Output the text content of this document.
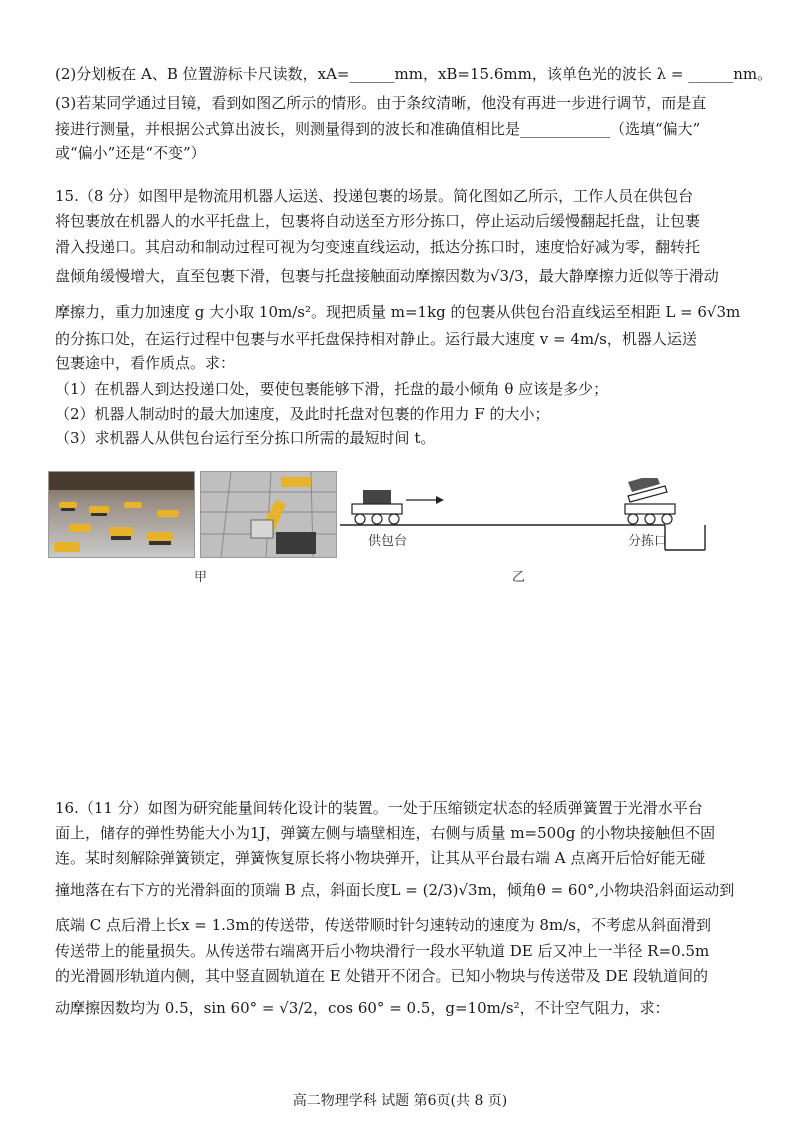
(2)分划板在 A、B 位置游标卡尺读数，xA=______mm，xB=15.6mm，该单色光的波长 λ = ______nm。
(3)若某同学通过目镜，看到如图乙所示的情形。由于条纹清晰，他没有再进一步进行调节，而是直
接进行测量，并根据公式算出波长，则测量得到的波长和准确值相比是____________（选填“偏大”
或“偏小”还是“不变”）
15.（8 分）如图甲是物流用机器人运送、投递包裹的场景。简化图如乙所示，工作人员在供包台
将包裹放在机器人的水平托盘上，包裹将自动送至方形分拣口，停止运动后缓慢翻起托盘，让包裹
滑入投递口。其启动和制动过程可视为匀变速直线运动，抵达分拣口时，速度恰好减为零，翻转托
盘倾角缓慢增大，直至包裹下滑，包裹与托盘接触面动摩擦因数为√3/3，最大静摩擦力近似等于滑动
摩擦力，重力加速度 g 大小取 10m/s²。现把质量 m=1kg 的包裹从供包台沿直线运至相距 L = 6√3m
的分拣口处，在运行过程中包裹与水平托盘保持相对静止。运行最大速度 v = 4m/s，机器人运送
包裹途中，看作质点。求：
（1）在机器人到达投递口处，要使包裹能够下滑，托盘的最小倾角 θ 应该是多少；
（2）机器人制动时的最大加速度，及此时托盘对包裹的作用力 F 的大小；
（3）求机器人从供包台运行至分拣口所需的最短时间 t。
甲
供包台	分拣口
乙
16.（11 分）如图为研究能量间转化设计的装置。一处于压缩锁定状态的轻质弹簧置于光滑水平台
面上，储存的弹性势能大小为1J，弹簧左侧与墙壁相连，右侧与质量 m=500g 的小物块接触但不固
连。某时刻解除弹簧锁定，弹簧恢复原长将小物块弹开，让其从平台最右端 A 点离开后恰好能无碰
撞地落在右下方的光滑斜面的顶端 B 点，斜面长度L = (2/3)√3m，倾角θ = 60°,小物块沿斜面运动到
底端 C 点后滑上长x = 1.3m的传送带，传送带顺时针匀速转动的速度为 8m/s，不考虑从斜面滑到
传送带上的能量损失。从传送带右端离开后小物块滑行一段水平轨道 DE 后又冲上一半径 R=0.5m
的光滑圆形轨道内侧，其中竖直圆轨道在 E 处错开不闭合。已知小物块与传送带及 DE 段轨道间的
动摩擦因数均为 0.5，sin 60° = √3/2，cos 60° = 0.5，g=10m/s²，不计空气阻力，求：
高二物理学科 试题 第6页(共 8 页)
